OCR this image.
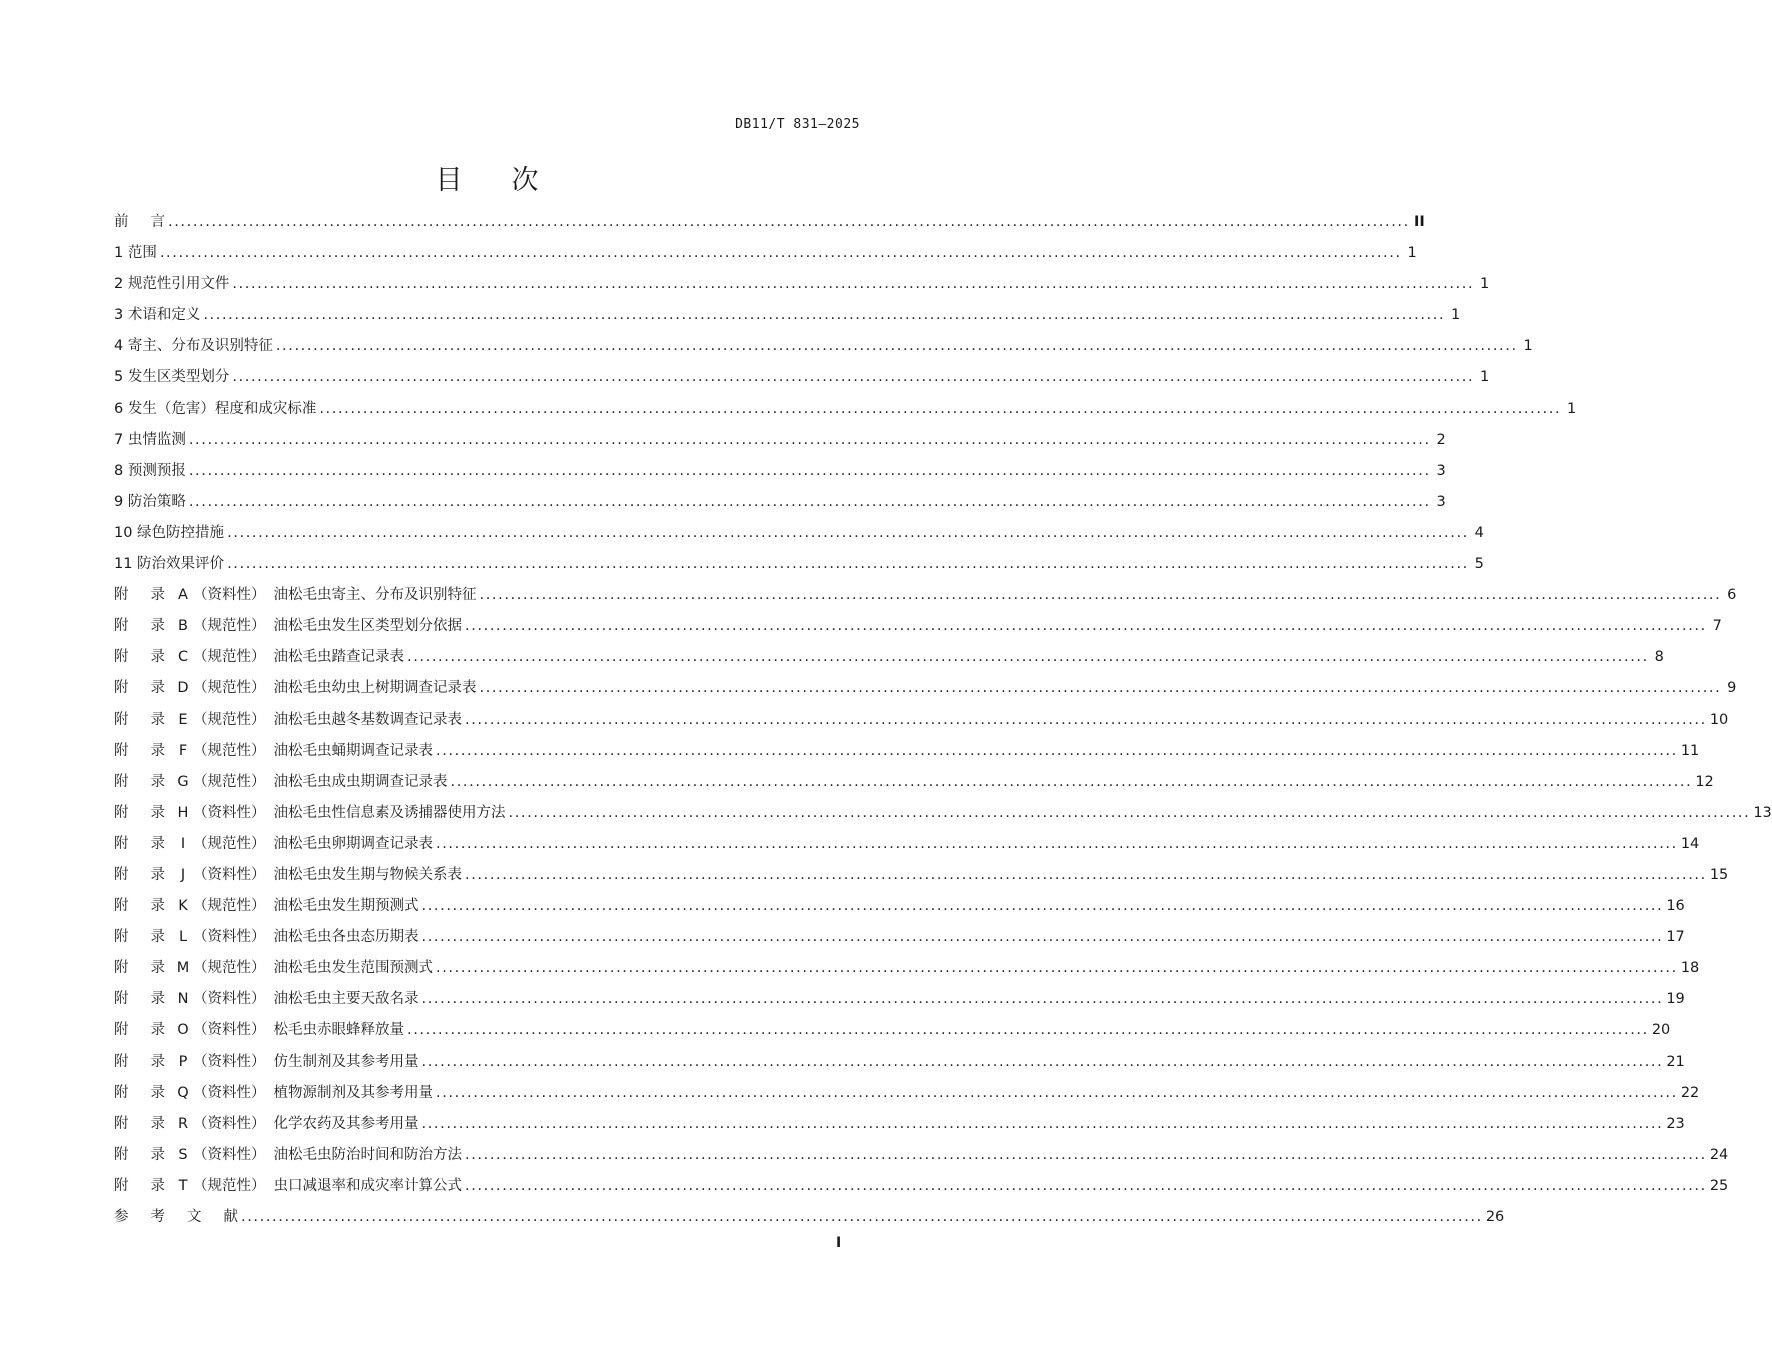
DB11/T 831—2025
目 次
前 言 ........................................................................................................................................................................................................ II
1 范围 ........................................................................................................................................................................................................ 1
2 规范性引用文件 ........................................................................................................................................................................................................ 1
3 术语和定义 ........................................................................................................................................................................................................ 1
4 寄主、分布及识别特征 ........................................................................................................................................................................................................ 1
5 发生区类型划分 ........................................................................................................................................................................................................ 1
6 发生（危害）程度和成灾标准 ........................................................................................................................................................................................................ 1
7 虫情监测 ........................................................................................................................................................................................................ 2
8 预测预报 ........................................................................................................................................................................................................ 3
9 防治策略 ........................................................................................................................................................................................................ 3
10 绿色防控措施 ........................................................................................................................................................................................................ 4
11 防治效果评价 ........................................................................................................................................................................................................ 5
附 录 A （资料性） 油松毛虫寄主、分布及识别特征 ........................................................................................................................................................................................................ 6
附 录 B （规范性） 油松毛虫发生区类型划分依据 ........................................................................................................................................................................................................ 7
附 录 C （规范性） 油松毛虫踏查记录表 ........................................................................................................................................................................................................ 8
附 录 D （规范性） 油松毛虫幼虫上树期调查记录表 ........................................................................................................................................................................................................ 9
附 录 E （规范性） 油松毛虫越冬基数调查记录表 ........................................................................................................................................................................................................ 10
附 录 F （规范性） 油松毛虫蛹期调查记录表 ........................................................................................................................................................................................................ 11
附 录 G （规范性） 油松毛虫成虫期调查记录表 ........................................................................................................................................................................................................ 12
附 录 H （资料性） 油松毛虫性信息素及诱捕器使用方法 ........................................................................................................................................................................................................ 13
附 录 I （规范性） 油松毛虫卵期调查记录表 ........................................................................................................................................................................................................ 14
附 录 J （资料性） 油松毛虫发生期与物候关系表 ........................................................................................................................................................................................................ 15
附 录 K （规范性） 油松毛虫发生期预测式 ........................................................................................................................................................................................................ 16
附 录 L （资料性） 油松毛虫各虫态历期表 ........................................................................................................................................................................................................ 17
附 录 M （规范性） 油松毛虫发生范围预测式 ........................................................................................................................................................................................................ 18
附 录 N （资料性） 油松毛虫主要天敌名录 ........................................................................................................................................................................................................ 19
附 录 O （资料性） 松毛虫赤眼蜂释放量 ........................................................................................................................................................................................................ 20
附 录 P （资料性） 仿生制剂及其参考用量 ........................................................................................................................................................................................................ 21
附 录 Q （资料性） 植物源制剂及其参考用量 ........................................................................................................................................................................................................ 22
附 录 R （资料性） 化学农药及其参考用量 ........................................................................................................................................................................................................ 23
附 录 S （资料性） 油松毛虫防治时间和防治方法 ........................................................................................................................................................................................................ 24
附 录 T （规范性） 虫口减退率和成灾率计算公式 ........................................................................................................................................................................................................ 25
参 考 文 献 ........................................................................................................................................................................................................ 26
I
